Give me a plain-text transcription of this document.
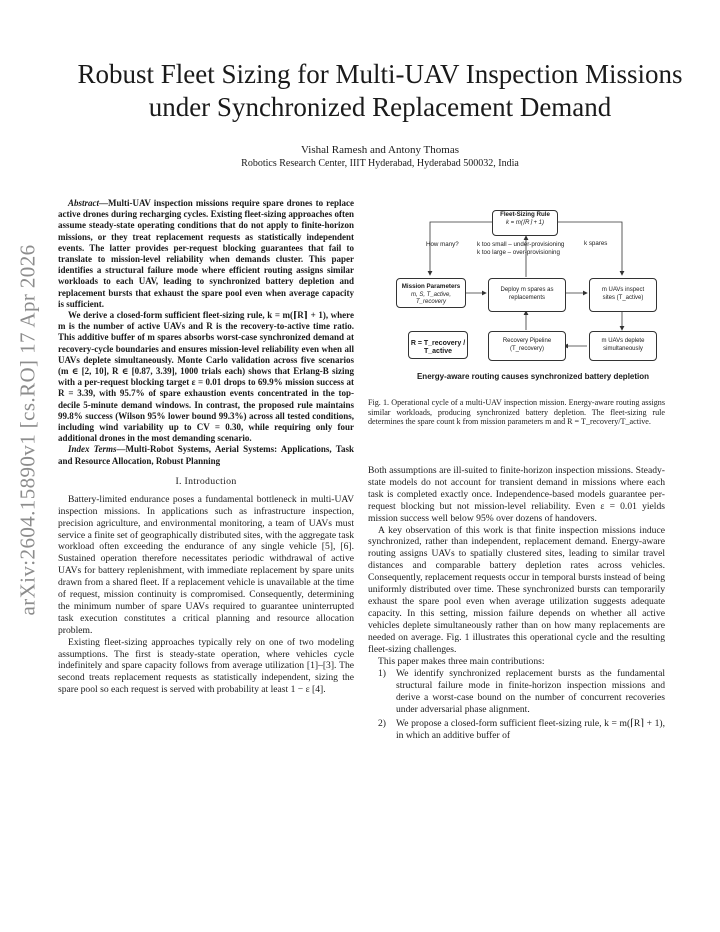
arXiv:2604.15890v1 [cs.RO] 17 Apr 2026
Robust Fleet Sizing for Multi-UAV Inspection Missions under Synchronized Replacement Demand
Vishal Ramesh and Antony Thomas
Robotics Research Center, IIIT Hyderabad, Hyderabad 500032, India

Abstract—Multi-UAV inspection missions require spare drones to replace active drones during recharging cycles. Existing fleet-sizing approaches often assume steady-state operating conditions that do not apply to finite-horizon missions, or they treat replacement requests as statistically independent events. The latter provides per-request blocking guarantees that fail to translate to mission-level reliability when demands cluster. This paper identifies a structural failure mode where efficient routing assigns similar workloads to each UAV, leading to synchronized battery depletion and replacement bursts that exhaust the spare pool even when average capacity is sufficient.

We derive a closed-form sufficient fleet-sizing rule, k = m(⌈R⌉ + 1), where m is the number of active UAVs and R is the recovery-to-active time ratio. This additive buffer of m spares absorbs worst-case synchronized demand at recovery-cycle boundaries and ensures mission-level reliability even when all UAVs deplete simultaneously. Monte Carlo validation across five scenarios (m ∈ [2, 10], R ∈ [0.87, 3.39], 1000 trials each) shows that Erlang-B sizing with a per-request blocking target ε = 0.01 drops to 69.9% mission success at R = 3.39, with 95.7% of spare exhaustion events concentrated in the top-decile 5-minute demand windows. In contrast, the proposed rule maintains 99.8% success (Wilson 95% lower bound 99.3%) across all tested conditions, including wind variability up to CV = 0.30, while requiring only four additional drones in the most demanding scenario.

Index Terms—Multi-Robot Systems, Aerial Systems: Applications, Task and Resource Allocation, Robust Planning

I. Introduction

Battery-limited endurance poses a fundamental bottleneck in multi-UAV inspection missions. In applications such as infrastructure inspection, precision agriculture, and environmental monitoring, a team of UAVs must service a finite set of geographically distributed sites, with the aggregate task workload often exceeding the endurance of any single vehicle [5], [6]. Sustained operation therefore necessitates periodic withdrawal of active UAVs for battery replenishment, with immediate replacement by spare units drawn from a shared fleet. If a replacement vehicle is unavailable at the time of request, mission continuity is compromised. Consequently, determining the minimum number of spare UAVs required to guarantee uninterrupted task execution constitutes a critical planning and resource allocation problem.

Existing fleet-sizing approaches typically rely on one of two modeling assumptions. The first is steady-state operation, where vehicles cycle indefinitely and spare capacity follows from average utilization [1]–[3]. The second treats replacement requests as statistically independent, sizing the spare pool so each request is served with probability at least 1 − ε [4].

Fleet-Sizing Rule
k = m(⌈R⌉ + 1)
How many?	k spares
k too small – under-provisioning
k too large – over-provisioning
Mission Parameters
m, S, T_active, T_recovery
Deploy m spares as replacements
m UAVs inspect sites (T_active)
R = T_recovery / T_active
Recovery Pipeline (T_recovery)
m UAVs deplete simultaneously
Energy-aware routing causes synchronized battery depletion
Fig. 1. Operational cycle of a multi-UAV inspection mission. Energy-aware routing assigns similar workloads, producing synchronized battery depletion. The fleet-sizing rule determines the spare count k from mission parameters m and R = T_recovery/T_active.

Both assumptions are ill-suited to finite-horizon inspection missions. Steady-state models do not account for transient demand in missions where each task is completed exactly once. Independence-based models guarantee per-request blocking but not mission-level reliability. Even ε = 0.01 yields mission success well below 95% over dozens of handovers.

A key observation of this work is that finite inspection missions induce synchronized, rather than independent, replacement demand. Energy-aware routing assigns UAVs to spatially clustered sites, leading to similar travel distances and comparable battery depletion rates across vehicles. Consequently, replacement requests occur in temporal bursts instead of being uniformly distributed over time. These synchronized bursts can temporarily exhaust the spare pool even when average utilization suggests adequate capacity. In this setting, mission failure depends on whether all active vehicles deplete simultaneously rather than on how many replacements are needed on average. Fig. 1 illustrates this operational cycle and the resulting fleet-sizing challenges.

This paper makes three main contributions:

1) We identify synchronized replacement bursts as the fundamental structural failure mode in finite-horizon inspection missions and derive a worst-case bound on the number of concurrent recoveries under adversarial phase alignment.
2) We propose a closed-form sufficient fleet-sizing rule, k = m(⌈R⌉ + 1), in which an additive buffer of
